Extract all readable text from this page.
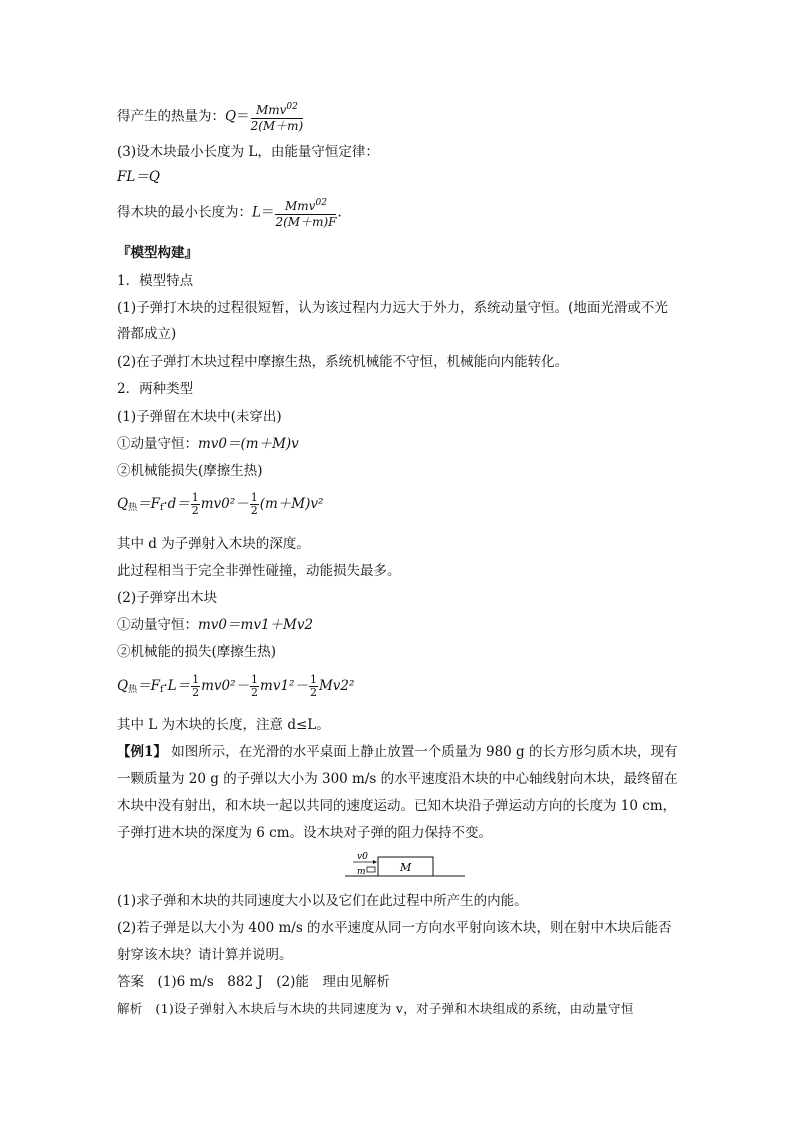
得产生的热量为：$Q= \frac{Mmv^{02}}{2(M+m)}$
(3)设木块最小长度为 L，由能量守恒定律：
FL＝Q
得木块的最小长度为：$L= \frac{Mmv^{02}}{2(M+m)F}$ .
『模型构建』
1．模型特点
(1)子弹打木块的过程很短暂，认为该过程内力远大于外力，系统动量守恒。(地面光滑或不光
滑都成立)
(2)在子弹打木块过程中摩擦生热，系统机械能不守恒，机械能向内能转化。
2．两种类型
(1)子弹留在木块中(未穿出)
①动量守恒：mv0＝(m＋M)v
②机械能损失(摩擦生热)
$Q_热=F_f\cdot d= \frac{1}{2} mv0^2- \frac{1}{2} (m+M)v^2$
其中 d 为子弹射入木块的深度。
此过程相当于完全非弹性碰撞，动能损失最多。
(2)子弹穿出木块
①动量守恒：mv0＝mv1＋Mv2
②机械能的损失(摩擦生热)
$Q_热=F_f\cdot L= \frac{1}{2} mv0^2- \frac{1}{2} mv1^2- \frac{1}{2} Mv2^2$
其中 L 为木块的长度，注意 d≤L。
【例1】 如图所示，在光滑的水平桌面上静止放置一个质量为 980 g 的长方形匀质木块，现有
一颗质量为 20 g 的子弹以大小为 300 m/s 的水平速度沿木块的中心轴线射向木块，最终留在
木块中没有射出，和木块一起以共同的速度运动。已知木块沿子弹运动方向的长度为 10 cm，
子弹打进木块的深度为 6 cm。设木块对子弹的阻力保持不变。
v0
m	M
(1)求子弹和木块的共同速度大小以及它们在此过程中所产生的内能。
(2)若子弹是以大小为 400 m/s 的水平速度从同一方向水平射向该木块，则在射中木块后能否
射穿该木块？请计算并说明。
答案　(1)6 m/s　882 J　(2)能　理由见解析
解析　(1)设子弹射入木块后与木块的共同速度为 v，对子弹和木块组成的系统，由动量守恒
